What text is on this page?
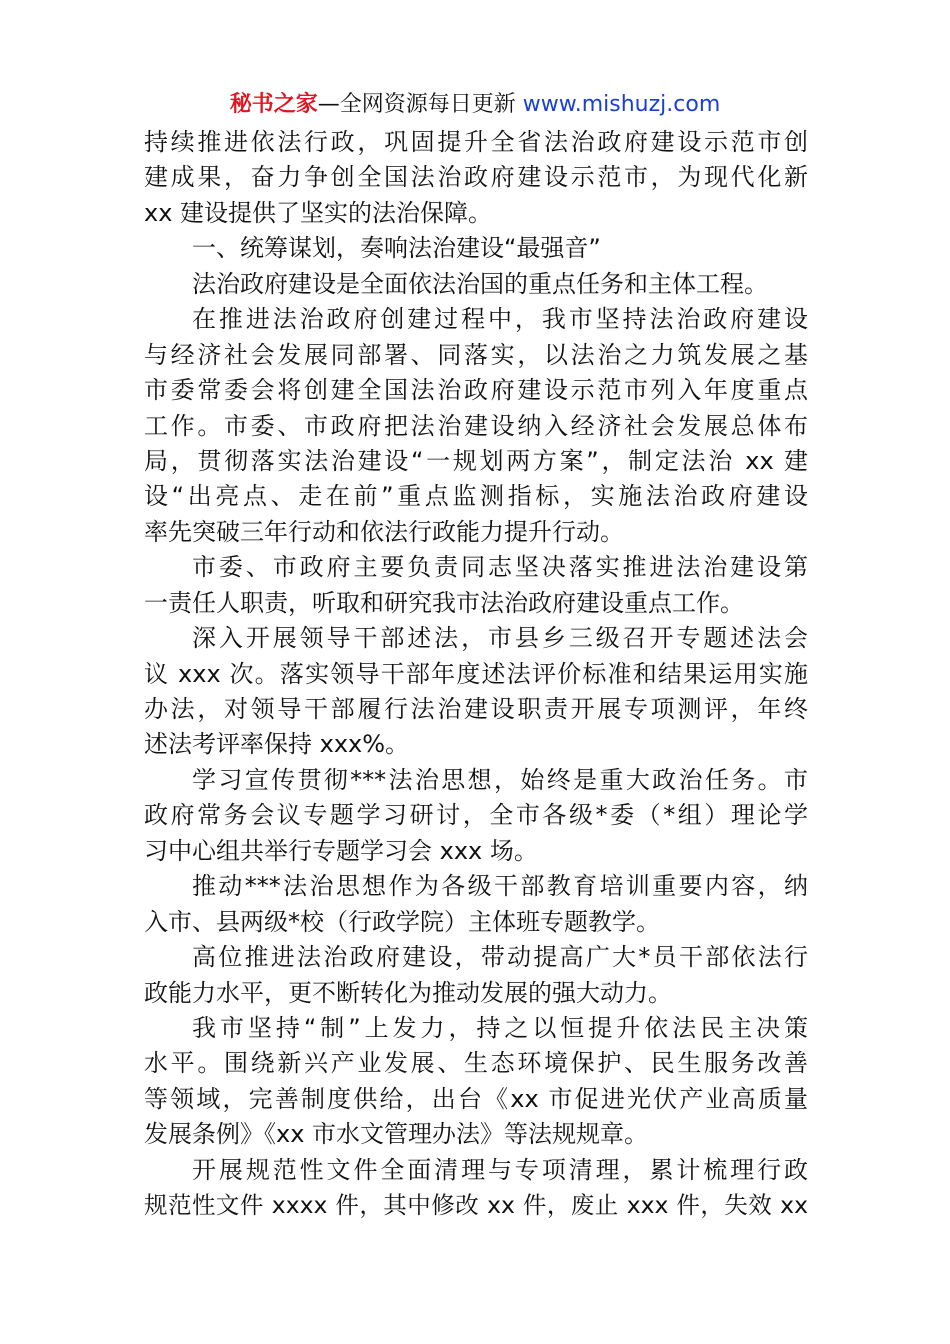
秘书之家—全网资源每日更新 www.mishuzj.com
持续推进依法行政，巩固提升全省法治政府建设示范市创
建成果，奋力争创全国法治政府建设示范市，为现代化新
xx 建设提供了坚实的法治保障。
一、统筹谋划，奏响法治建设“最强音”
法治政府建设是全面依法治国的重点任务和主体工程。
在推进法治政府创建过程中，我市坚持法治政府建设
与经济社会发展同部署、同落实，以法治之力筑发展之基
市委常委会将创建全国法治政府建设示范市列入年度重点
工作。市委、市政府把法治建设纳入经济社会发展总体布
局，贯彻落实法治建设“一规划两方案”，制定法治 xx 建
设“出亮点、走在前”重点监测指标，实施法治政府建设
率先突破三年行动和依法行政能力提升行动。
市委、市政府主要负责同志坚决落实推进法治建设第
一责任人职责，听取和研究我市法治政府建设重点工作。
深入开展领导干部述法，市县乡三级召开专题述法会
议 xxx 次。落实领导干部年度述法评价标准和结果运用实施
办法，对领导干部履行法治建设职责开展专项测评，年终
述法考评率保持 xxx%。
学习宣传贯彻***法治思想，始终是重大政治任务。市
政府常务会议专题学习研讨，全市各级*委（*组）理论学
习中心组共举行专题学习会 xxx 场。
推动***法治思想作为各级干部教育培训重要内容，纳
入市、县两级*校（行政学院）主体班专题教学。
高位推进法治政府建设，带动提高广大*员干部依法行
政能力水平，更不断转化为推动发展的强大动力。
我市坚持“制”上发力，持之以恒提升依法民主决策
水平。围绕新兴产业发展、生态环境保护、民生服务改善
等领域，完善制度供给，出台《xx 市促进光伏产业高质量
发展条例》《xx 市水文管理办法》等法规规章。
开展规范性文件全面清理与专项清理，累计梳理行政
规范性文件 xxxx 件，其中修改 xx 件，废止 xxx 件，失效 xx
